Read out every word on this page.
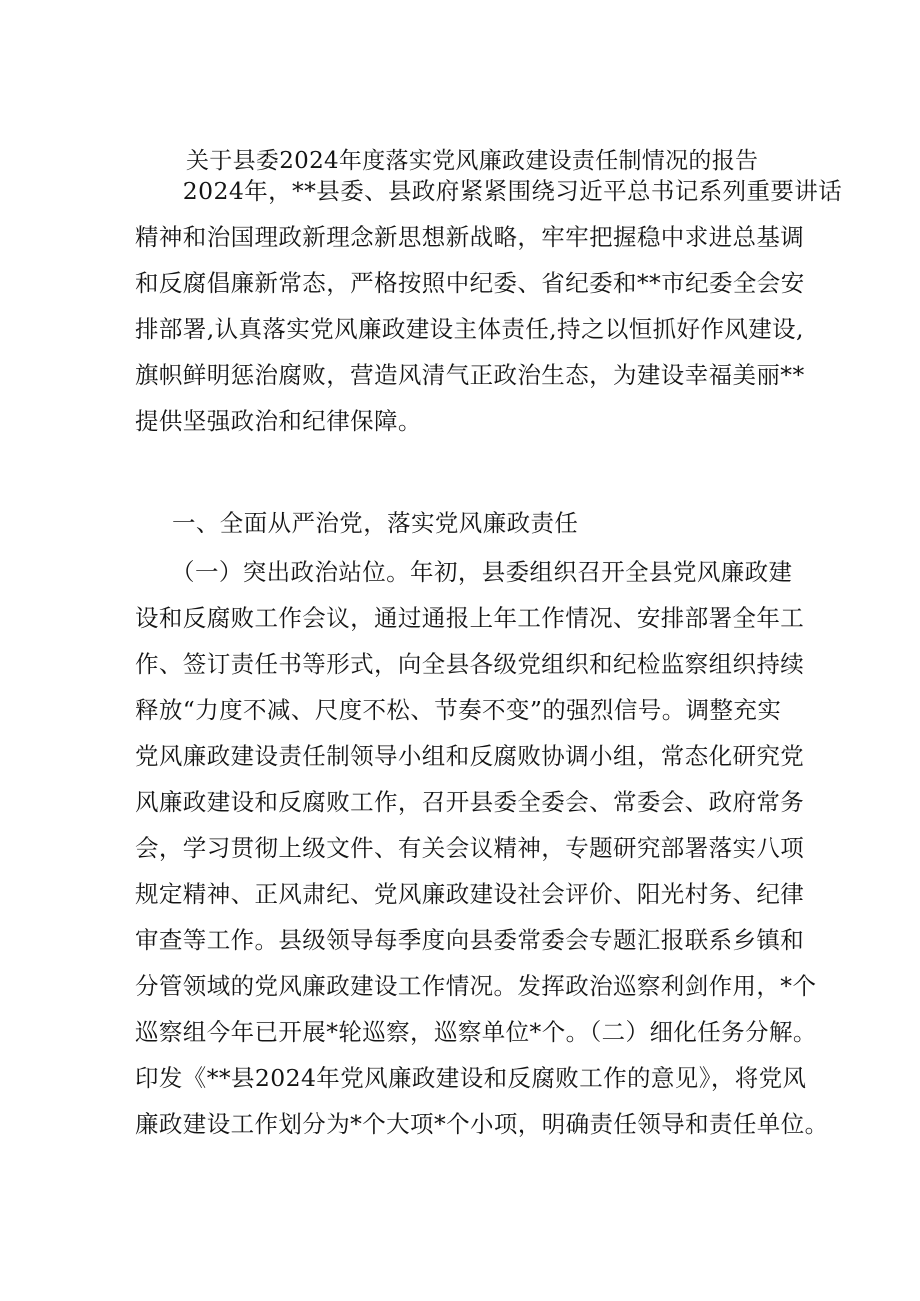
关于县委2024年度落实党风廉政建设责任制情况的报告
　　2024年，**县委、县政府紧紧围绕习近平总书记系列重要讲话
精神和治国理政新理念新思想新战略，牢牢把握稳中求进总基调
和反腐倡廉新常态，严格按照中纪委、省纪委和**市纪委全会安
排部署,认真落实党风廉政建设主体责任,持之以恒抓好作风建设,
旗帜鲜明惩治腐败，营造风清气正政治生态，为建设幸福美丽**
提供坚强政治和纪律保障。
一、全面从严治党，落实党风廉政责任
　　（一）突出政治站位。年初，县委组织召开全县党风廉政建
设和反腐败工作会议，通过通报上年工作情况、安排部署全年工
作、签订责任书等形式，向全县各级党组织和纪检监察组织持续
释放“力度不减、尺度不松、节奏不变”的强烈信号。调整充实
党风廉政建设责任制领导小组和反腐败协调小组，常态化研究党
风廉政建设和反腐败工作，召开县委全委会、常委会、政府常务
会，学习贯彻上级文件、有关会议精神，专题研究部署落实八项
规定精神、正风肃纪、党风廉政建设社会评价、阳光村务、纪律
审查等工作。县级领导每季度向县委常委会专题汇报联系乡镇和
分管领域的党风廉政建设工作情况。发挥政治巡察利剑作用，*个
巡察组今年已开展*轮巡察，巡察单位*个。（二）细化任务分解。
印发《**县2024年党风廉政建设和反腐败工作的意见》，将党风
廉政建设工作划分为*个大项*个小项，明确责任领导和责任单位。
